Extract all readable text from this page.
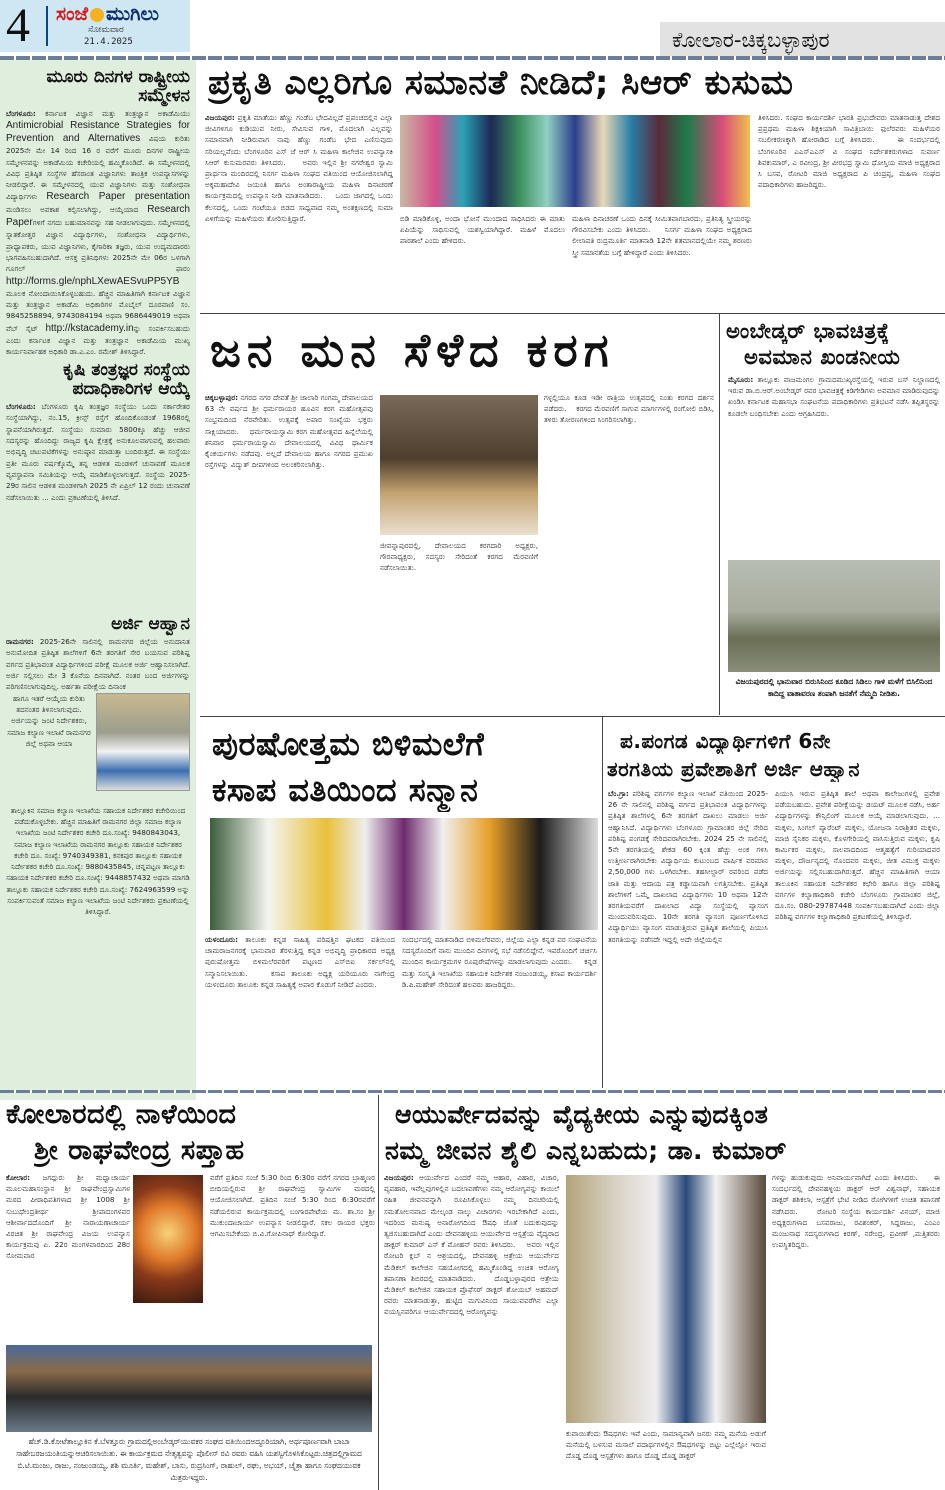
4 ಸಂಜೆ ಮುಗಿಲು
ಸೋಮವಾರ
21.4.2025	ಕೋಲಾರ-ಚಿಕ್ಕಬಳ್ಳಾಪುರ
ಮೂರು ದಿನಗಳ ರಾಷ್ಟ್ರೀಯ
ಸಮ್ಮೇಳನ
ಬೆಂಗಳೂರು: ಕರ್ನಾಟಕ ವಿಜ್ಞಾನ ಮತ್ತು ತಂತ್ರಜ್ಞಾನ ಅಕಾಡೆಮಿಯು Antimicrobial Resistance Strategies for Prevention and Alternatives ವಿಷಯ ಕುರಿತು 2025ನೇ ಮೇ 14 ರಿಂದ 16 ರ ವರೆಗೆ ಮೂರು ದಿನಗಳ ರಾಷ್ಟ್ರೀಯ ಸಮ್ಮೇಳನವನ್ನು ಅಕಾಡೆಮಿಯ ಕಚೇರಿಯಲ್ಲಿ ಹಮ್ಮಿಕೊಂಡಿದೆ. ಈ ಸಮ್ಮೇಳನದಲ್ಲಿ ವಿವಿಧ ಪ್ರತಿಷ್ಠಿತ ಸಂಸ್ಥೆಗಳ ಹೆಸರಾಂತ ವಿಜ್ಞಾನಿಗಳು ತಾಂತ್ರಿಕ ಉಪನ್ಯಾಸಗಳನ್ನು ನೀಡಲಿದ್ದಾರೆ. ಈ ಸಮ್ಮೇಳನದಲ್ಲಿ ಯುವ ವಿಜ್ಞಾನಿಗಳು ಮತ್ತು ಸಂಶೋಧನಾ ವಿದ್ಯಾರ್ಥಿಗಳು Research Paper presentation ಮಂಡಿಸಲು ಅವಕಾಶ ಕಲ್ಪಿಸಲಾಗಿದ್ದು, ಆಯ್ಕೆಯಾದ Research Paperಗಳಿಗೆ ನಗದು ಬಹುಮಾನವನ್ನು ಸಹ ನೀಡಲಾಗುವುದು. ಸಮ್ಮೇಳನದಲ್ಲಿ ಸ್ನಾತಕೋತ್ತರ ವಿಜ್ಞಾನ ವಿದ್ಯಾರ್ಥಿಗಳು, ಸಂಶೋಧನಾ ವಿದ್ಯಾರ್ಥಿಗಳು, ಪ್ರಾಧ್ಯಾಪಕರು, ಯುವ ವಿಜ್ಞಾನಿಗಳು, ಕೈಗಾರಿಕಾ ತಜ್ಞರು, ಯುವ ಉದ್ಯಮದಾರರು ಭಾಗವಹಿಸಬಹುದಾಗಿದೆ. ಆಸಕ್ತ ಪ್ರತಿನಿಧಿಗಳು 2025ನೇ ಮೇ 06ರ ಒಳಗಾಗಿ ಗೂಗಲ್ ಫಾರಂ http://forms.gle/nphLXewAESvuPP5YB ಮೂಲಕ ನೋಂದಾಯಿಸಿಕೊಳ್ಳಬಹುದು. ಹೆಚ್ಚಿನ ಮಾಹಿತಿಗಾಗಿ ಕರ್ನಾಟಕ ವಿಜ್ಞಾನ ಮತ್ತು ತಂತ್ರಜ್ಞಾನ ಅಕಾಡೆಮಿ ಅಧಿಕಾರಿಗಳ ಮೊಬೈಲ್ ದೂರವಾಣಿ ಸಂ. 9845258894, 9743084194 ಅಥವಾ 9686449019 ಅಥವಾ ವೆಬ್ ಸೈಟ್ http://kstacademy.inನ್ನು ಸಂಪರ್ಕಿಸಬಹುದು ಎಂದು ಕರ್ನಾಟಕ ವಿಜ್ಞಾನ ಮತ್ತು ತಂತ್ರಜ್ಞಾನ ಅಕಾಡೆಮಿಯ ಮುಖ್ಯ ಕಾರ್ಯನಿರ್ವಾಹಕ ಅಧಿಕಾರಿ ಡಾ.ಎ.ಎಂ. ರಮೇಶ್ ತಿಳಿಸಿದ್ದಾರೆ.
ಕೃಷಿ ತಂತ್ರಜ್ಞರ ಸಂಸ್ಥೆಯ
ಪದಾಧಿಕಾರಿಗಳ ಆಯ್ಕೆ
ಬೆಂಗಳೂರು: ಬೆಂಗಳೂರು ಕೃಷಿ ತಂತ್ರಜ್ಞರ ಸಂಸ್ಥೆಯು ಒಂದು ಸರ್ಕಾರೇತರ ಸಂಸ್ಥೆಯಾಗಿದ್ದು, ನಂ.15, ಕ್ರೀನ್ಸ್ ರಸ್ತೆಗೆ ಹೊಂದಿಕೊಂಡಂತೆ 1968ರಲ್ಲಿ ಸ್ಥಾಪನೆಯಾಗಿರುತ್ತದೆ. ಸಂಸ್ಥೆಯು ಸುಮಾರು 5800ಕ್ಕೂ ಹೆಚ್ಚು ಆಜೀವ ಸದಸ್ಯರನ್ನು ಹೊಂದಿದ್ದು ರಾಜ್ಯದ ಕೃಷಿ ಕ್ಷೇತ್ರಕ್ಕೆ ಅನುಕೂಲವಾಗುವಲ್ಲಿ ಹಲವಾರು ಅಭಿವೃದ್ಧಿ ಚಟುವಟಿಕೆಗಳನ್ನು ಅನುಷ್ಠಾನ ಮಾಡುತ್ತಾ ಬಂದಿರುತ್ತದೆ. ಈ ಸಂಸ್ಥೆಯು ಪ್ರತೀ ಮೂರು ವರ್ಷಕ್ಕೊಮ್ಮೆ ತನ್ನ ಆಡಳಿತ ಮಂಡಳಿಗೆ ಚುನಾವಣೆ ಮೂಲಕ ವ್ಯವಸ್ಥಾಪನಾ ಸಮಿತಿಯನ್ನು ಆಯ್ಕೆ ಮಾಡಿಕೊಳ್ಳಲಾಗುತ್ತದೆ. ಸಂಸ್ಥೆಯ 2025-29ರ ಸಾಲಿನ ಆಡಳಿತ ಮಂಡಳಿಗಾಗಿ 2025 ನೇ ಏಪ್ರಿಲ್ 12 ರಂದು ಚುನಾವಣೆ ನಡೆಸಲಾಯಿತು ... ಎಂದು ಪ್ರಕಟಣೆಯಲ್ಲಿ ತಿಳಿಸಿದೆ.
ಅರ್ಜಿ ಆಹ್ವಾನ
ರಾಮನಗರ: 2025-26ನೇ ಸಾಲಿನಲ್ಲಿ ರಾಮನಗರ ಜಿಲ್ಲೆಯ ಅನುದಾನಿತ ಅನುಮೋದಿತ ಪ್ರತಿಷ್ಠಿತ ಶಾಲೆಗಳಿಗೆ 6ನೇ ತರಗತಿಗೆ ಸೇರ ಬಯಸುವ ಪರಿಶಿಷ್ಟ ವರ್ಗದ ಪ್ರತಿಭಾವಂತ ವಿದ್ಯಾರ್ಥಿಗಳಿಂದ ಪರೀಕ್ಷೆ ಮೂಲಕ ಅರ್ಜಿ ಆಹ್ವಾನಿಸಲಾಗಿದೆ. ಅರ್ಜಿ ಸಲ್ಲಿಸಲು ಮೇ 3 ಕೊನೆಯ ದಿನವಾಗಿದೆ. ನಂತರ ಬಂದ ಅರ್ಜಿಗಳನ್ನು ಪರಿಗಣಿಸಲಾಗುವುದಿಲ್ಲ. ಅರ್ಹತಾ ಪರೀಕ್ಷೆಯ ದಿನಾಂಕ
ಹಾಗೂ ಇತರೆ ಆಯ್ಕೆಯ ಕುರಿತು ತದನಂತರ ತಿಳಿಸಲಾಗುವುದು. ಅರ್ಜಿಯನ್ನು ಜಂಟಿ ನಿರ್ದೇಶಕರು, ಸಮಾಜ ಕಲ್ಯಾಣ ಇಲಾಖೆ ರಾಮನಗರ ಜಿಲ್ಲೆ ಅಥವಾ ಆಯಾ
ತಾಲ್ಲೂಕಿನ ಸಮಾಜ ಕಲ್ಯಾಣ ಇಲಾಖೆಯ ಸಹಾಯಕ ನಿರ್ದೇಶಕರ ಕಚೇರಿಯಿಂದ ಪಡೆದುಕೊಳ್ಳಬೇಕು. ಹೆಚ್ಚಿನ ಮಾಹಿತಿಗೆ ರಾಮನಗರ ಜಿಲ್ಲಾ ಸಮಾಜ ಕಲ್ಯಾಣ ಇಲಾಖೆಯ ಜಂಟಿ ನಿರ್ದೇಶಕರ ಕಚೇರಿ ದೂ.ಸಂಖ್ಯೆ: 9480843043, ಸಮಾಜ ಕಲ್ಯಾಣ ಇಲಾಖೆಯ ರಾಮನಗರ ತಾಲ್ಲೂಕು ಸಹಾಯಕ ನಿರ್ದೇಶಕರ ಕಚೇರಿ ದೂ. ಸಂಖ್ಯೆ: 9740349381, ಕನಕಪುರ ತಾಲ್ಲೂಕು ಸಹಾಯಕ ನಿರ್ದೇಶಕರ ಕಚೇರಿ ದೂ.ಸಂಖ್ಯೆ: 9880435845, ಚನ್ನಪಟ್ಟಣ ತಾಲ್ಲೂಕು ಸಹಾಯಕ ನಿರ್ದೇಶಕರ ಕಚೇರಿ ದೂ.ಸಂಖ್ಯೆ: 9448857432 ಅಥವಾ ಮಾಗಡಿ ತಾಲ್ಲೂಕು ಸಹಾಯಕ ನಿರ್ದೇಶಕರ ಕಚೇರಿ ದೂ.ಸಂಖ್ಯೆ: 7624963599 ಅನ್ನು ಸಂಪರ್ಕಿಸುವಂತೆ ಸಮಾಜ ಕಲ್ಯಾಣ ಇಲಾಖೆಯ ಜಂಟಿ ನಿರ್ದೇಶಕರು ಪ್ರಕಟಣೆಯಲ್ಲಿ ತಿಳಿಸಿದ್ದಾರೆ.
ಪ್ರಕೃತಿ ಎಲ್ಲರಿಗೂ ಸಮಾನತೆ ನೀಡಿದೆ; ಸಿಆರ್ ಕುಸುಮ
ವಿಜಯಪುರ: ಪ್ರಕೃತಿ ಮಾತೆಯು ಹೆಣ್ಣು ಗಂಡೆಬ ಭೇದವಿಲ್ಲದೆ ಪ್ರಪಂಚದಲ್ಲಿನ ಎಲ್ಲಾ ಜೀವಿಗಳಿಗೂ ಕುಡಿಯುವ ನೀರು, ಸೇವಿಸುವ ಗಾಳಿ, ಮೊದಲಾಗಿ ಎಲ್ಲವನ್ನು ಸಮಾನವಾಗಿ ನೀಡಿರುವಾಗ ನಾವು ಹೆಣ್ಣು ಗಂಡೆಬ ಭೇದ ಎಣಿಸುವುದು ಸರಿಯಲ್ಲವೆಂದು ಬೆಂಗಳೂರಿನ ಎಸ್ ಜೆ ಆರ್ ಸಿ ಮಹಿಳಾ ಕಾಲೇಜಿನ ಉಪನ್ಯಾಸಕಿ ಸಿಆರ್ ಕುಸುಮರವರು ತಿಳಿಸಿದರು.    ಅವರು ಇಲ್ಲಿನ ಶ್ರೀ ನಗರೇಶ್ವರ ಸ್ವಾಮಿ ಪ್ರಾರ್ಥನಾ ಮಂದಿರದಲ್ಲಿ ನಿಸರ್ಗ ಮಹಿಳಾ ಸಂಘದ ವತಿಯಿಂದ ಆಯೋಜಿಸಲಾಗಿದ್ದ ಅಕ್ಕಮಹಾದೇವಿ ಜಯಂತಿ ಹಾಗೂ ಅಂತಾರಾಷ್ಟ್ರೀಯ ಮಹಿಳಾ ದಿನಾಚರಣೆ ಕಾರ್ಯಕ್ರಮದಲ್ಲಿ ಉಪನ್ಯಾಸ ನೀಡಿ ಮಾತನಾಡಿದರು.    ಒಂದು ಜಾಗದಲ್ಲಿ ಒಂದು ಕೆಲಸದಲ್ಲಿ, ಒಂದು ಗಂಟೆಯೂ ಬಿಡದ ಸಾಧ್ಯವಾದ ನಮ್ಮ ಅಂತಕ್ಷಣದಲ್ಲಿ ಸುಮಾ ಏಳಿಗೆಯನ್ನು ಮಹಿಳೆಯರು ತೋರಿಸುತ್ತಿದ್ದಾರೆ.	ಬಿಡಿ ಮಾಡಿಕೊಳ್ಳಿ, ಅಂದಾ ಭೋಸೆ ಮುಂದಾದ ಸಾಧಿಸಿದರು ಈ ಮಾತು ಏಪಿಯೆನ್ನು ಸಾಧಿಸುವಲ್ಲಿ ಯಶಸ್ವಿಯಾಗಿದ್ದಾರೆ. ಮಹಿಳೆ ಮೊದಲು ಪಾಠಶಾಲೆ ಎಂದು ಹೇಳಿದರು.
ಮಹಿಳಾ ದಿನಾಚರಣೆ ಒಂದು ದಿನಕ್ಕೆ ಸೀಮಿತವಾಗಬಾರದು, ಪ್ರತಿನಿತ್ಯ ಸ್ತ್ರೀಯರನ್ನು ಗೌರವಿಸಬೇಕು ಎಂದು ತಿಳಿಸಿದರು.    ನಿಸರ್ಗ ಮಹಿಳಾ ಸಂಘದ ಅಧ್ಯಕ್ಷರಾದ ಲೀಲಾವತಿ ರುದ್ರಮೂರ್ತಿ ಮಾತನಾಡಿ 12ನೇ ಶತಮಾನದಲ್ಲಿಯೇ ನಮ್ಮ ಶರಣರು ಸ್ತ್ರೀ ಸಮಾನತೆಯ ಬಗ್ಗೆ ಹೇಳಿದ್ದಾರೆ ಎಂದು ತಿಳಿಸಿದರು.
ತಿಳಿಸಿದರು. ಸಂಘದ ಕಾರ್ಯದರ್ಶಿ ಭಾರತಿ ಪ್ರಭುದೇವರು ಮಾತನಾಡುತ್ತ ದೇಶದ ಪ್ರಪ್ರಥಮ ಮಹಿಳಾ ಶಿಕ್ಷಕಿಯಾಗಿ ಸಾವಿತ್ರಿಬಾಯಿ ಫುಲೆರವರು ಮಹಿಳೆಯರ ಸಬಲೀಕರಣಕ್ಕಾಗಿ ಹೋರಾಡಿದ ಬಗ್ಗೆ ತಿಳಿಸಿದರು.    ಈ ಸಂದರ್ಭದಲ್ಲಿ ಬೆಂಗಳೂರಿನ ಎಎಸ್‌ಎಎಸ್ ವಿ ಸಂಘದ ನಿರ್ದೇಶಕರುಗಳಾದ ಸುವರ್ಣ ಶಿವಕುಮಾರ್, ಎ ರವೀಂದ್ರ, ಶ್ರೀ ವೀರಭದ್ರ ಸ್ವಾಮಿ ಧೋಸ್ತಿಯ ಮಾಜಿ ಅಧ್ಯಕ್ಷರಾದ ಸಿ ಬಸವ, ರೋಟರಿ ಮಾಜಿ ಅಧ್ಯಕ್ಷರಾದ ಪಿ ಚಂದ್ರಪ್ಪ, ಮಹಿಳಾ ಸಂಘದ ಪದಾಧಿಕಾರಿಗಳು ಹಾಜರಿದ್ದರು.
ಜನ ಮನ ಸೆಳೆದ ಕರಗ
ಚಿಕ್ಕಬಳ್ಳಾಪುರ: ನಗರದ ನಗರ ದೇವತೆ ಶ್ರೀ ಜಾಲಾರಿ ಗಂಗಮ್ಮ ದೇವಾಲಯದ 63 ನೇ ವರ್ಷದ ಶ್ರೀ ಧರ್ಮರಾಯರ ಹೂವಿನ ಕರಗ ಮಹೋತ್ಸವವು ಸಂಭ್ರಮದಿಂದ ನೆರವೇರಿತು. ಉತ್ಸವಕ್ಕೆ ಅಪಾರ ಸಂಖ್ಯೆಯ ಭಕ್ತರು ಸಾಕ್ಷಿಯಾದರು.    ಧರ್ಮರಾಯಸ್ವಾಮಿ ಕರಗ ಮಹೋತ್ಸವದ ಹಿನ್ನೆಲೆಯಲ್ಲಿ ಶನಿವಾರ ಧರ್ಮರಾಯಸ್ವಾಮಿ ದೇವಾಲಯದಲ್ಲಿ ವಿವಿಧ ಧಾರ್ಮಿಕ ಕೈಂಕರ್ಯಗಳು ನಡೆದವು. ಅಲ್ಲದೆ ದೇವಾಲಯ ಹಾಗೂ ನಗರದ ಪ್ರಮುಖ ರಸ್ತೆಗಳನ್ನು ವಿದ್ಯುತ್ ದೀಪಗಳಿಂದ ಅಲಂಕರಿಸಲಾಗಿತ್ತು.
ಜೀವನ್ನಾಪುರದಲ್ಲಿ, ದೇವಾಲಯದ ಕರಗದಾರಿ ಅಧ್ಯಕ್ಷರು, ಗೌರವಾಧ್ಯಕ್ಷರು, ಸದಸ್ಯರು ಸೇರಿದಂತೆ ಕರಗದ ಮೆರವಣಿಗೆ ನಡೆಸಲಾಯಿತು.
ಗಳ್ಳಲ್ಲಿಯೂ ಕೂಡ ಇಡೀ ರಾತ್ರಿಯ ಉತ್ಸವದಲ್ಲಿ ನಿಂತು ಕರಗದ ದರ್ಶನ ಪಡೆದರು.    ಕರಗದ ಮೆರವಣಿಗೆ ಸಾಗುವ ಮಾರ್ಗಗಳಲ್ಲಿ ರಂಗೋಲಿ ಬಿಡಿಸಿ, ತಳಿರು ತೋರಣಗಳಿಂದ ಸಿಂಗರಿಸಲಾಗಿತ್ತು.
ಅಂಬೇಡ್ಕರ್ ಭಾವಚಿತ್ರಕ್ಕೆ
ಅವಮಾನ ಖಂಡನೀಯ
ಮೈಸೂರು: ತಾಲ್ಲೂಕು ವಾಜಮಂಗಲ ಗ್ರಾಮದಮುಖ್ಯರಸ್ತೆಯಲ್ಲಿ ಇರುವ ಬಸ್ ನಿಲ್ದಾಣದಲ್ಲಿ ಇರುವ ಡಾ.ಬಿ.ಆರ್.ಅಂಬೇಡ್ಕರ್ ರವರ ಭಾವಚಿತ್ರಕ್ಕೆ ಕಿಡಿಗೇಡಿಗಳು ಅವಮಾನ ಮಾಡಿರುವುದನ್ನು ಖಂಡಿಸಿ ಕರ್ನಾಟಕ ಮಹಾಸಭಾ ಸಂಘಟನೆಯ ಪದಾಧಿಕಾರಿಗಳು ಪ್ರತಿಭಟನೆ ನಡೆಸಿ ತಪ್ಪಿತಸ್ಥರನ್ನು ಕೂಡಲೇ ಬಂಧಿಸಬೇಕು ಎಂದು ಆಗ್ರಹಿಸಿದರು.
ವಿಜಯಪುರದಲ್ಲಿ ಭಾನುವಾರ ಬಿರುಸಿನಿಂದ ಕೂಡಿದ ಸಿಡಿಲು ಗಾಳಿ ಮಳೆಗೆ ಬಿಸಿಲಿನಿಂದ ಕಾದಿದ್ದ ವಾತಾವರಣ ತಂಪಾಗಿ ಜನತೆಗೆ ನೆಮ್ಮದಿ ನೀಡಿತು.
ಪುರಷೋತ್ತಮ ಬಿಳಿಮಲೆಗೆ
ಕಸಾಪ ವತಿಯಿಂದ ಸನ್ಮಾನ
ಯಳಂದೂರು: ತಾಲೂಕು ಕನ್ನಡ ಸಾಹಿತ್ಯ ಪರಿಷತ್ತಿನ ಘಟಕದ ವತಿಯಿಂದ ಚಾಮರಾಜನಗರಕ್ಕೆ ಭಾನುವಾರ ತೆರಳುತ್ತಿದ್ದ ಕನ್ನಡ ಅಭಿವೃದ್ಧಿ ಪ್ರಾಧಿಕಾರದ ಅಧ್ಯಕ್ಷ ಪುರುಷೋತ್ತಮ ಬಿಳಿಮಲೆರವರಿಗೆ ಪಟ್ಟಣದ ಎಸ್‌ಬಿಐ ಸರ್ಕಲ್‌ನಲ್ಲಿ ಸನ್ಮಾನಿಸಲಾಯಿತು.    ಕಸಾಪ ತಾಲೂಕು ಅಧ್ಯಕ್ಷ ಯರಿಯೂರು ನಾಗೇಂದ್ರ ಯಳಂದೂರು ತಾಲೂಕು ಕನ್ನಡ ಸಾಹಿತ್ಯಕ್ಕೆ ಅಪಾರ ಕೊಡುಗೆ ನೀಡಿದೆ ಎಂದರು.
ಸಂದರ್ಭದಲ್ಲಿ ಮಾತನಾಡಿದ ಬಿಳಿಮಲೆರವರು, ಜಿಲ್ಲೆಯ ಎಲ್ಲಾ ಕನ್ನಡ ಪರ ಸಂಘಟನೆಯ ಸದಸ್ಯರೊಂದಿಗೆ ನಾನು ಮುಂದಿನ ದಿನಗಳಲ್ಲಿ ಸಭೆ ನಡೆಸಲಿದ್ದೇನೆ. ಇವರೊಂದಿಗೆ ಚರ್ಚಿಸಿ ಮುಂದಿನ ಕಾರ್ಯಕ್ರಮಗಳ ರೂಪುರೇಷೆಗಳನ್ನು ಮಾಡಲಾಗುವುದು ಎಂದರು.    ಕನ್ನಡ ಮತ್ತು ಸಂಸ್ಕೃತಿ ಇಲಾಖೆಯ ಸಹಾಯಕ ನಿರ್ದೇಶಕ ನಂಜುಂಡಯ್ಯ, ಕಸಾಪ ಕಾರ್ಯದರ್ಶಿ ಡಿ.ಪಿ.ಮಹೇಶ್ ಸೇರಿದಂತೆ ಹಲವರು ಹಾಜರಿದ್ದರು.
ಪ.ಪಂಗಡ ವಿದ್ಯಾರ್ಥಿಗಳಿಗೆ 6ನೇ
ತರಗತಿಯ ಪ್ರವೇಶಾತಿಗೆ ಅರ್ಜಿ ಆಹ್ವಾನ
ಬೆಂ.ಗ್ರಾ: ಪರಿಶಿಷ್ಟ ವರ್ಗಗಳ ಕಲ್ಯಾಣ ಇಲಾಖೆ ವತಿಯಿಂದ 2025-26 ನೇ ಸಾಲಿನಲ್ಲಿ ಪರಿಶಿಷ್ಟ ವರ್ಗದ ಪ್ರತಿಭಾವಂತ ವಿದ್ಯಾರ್ಥಿಗಳನ್ನು ಪ್ರತಿಷ್ಠಿತ ಶಾಲೆಗಳಲ್ಲಿ 6ನೇ ತರಗತಿಗೆ ದಾಖಲು ಮಾಡಲು ಅರ್ಜಿ ಆಹ್ವಾನಿಸಿದೆ. ವಿದ್ಯಾರ್ಥಿಗಳು ಬೆಂಗಳೂರು ಗ್ರಾಮಾಂತರ ಜಿಲ್ಲೆ ಸೇರಿದ ಪರಿಶಿಷ್ಟ ಪಂಗಡಕ್ಕೆ ಸೇರಿದವರಾಗಿರಬೇಕು. 2024 25 ನೇ ಸಾಲಿನಲ್ಲಿ 5ನೇ ತರಗತಿಯಲ್ಲಿ ಶೇಕಡ 60 ಕ್ಕಿಂತ ಹೆಚ್ಚು ಅಂಕ ಗಳಿಸಿ ಉತ್ತೀರ್ಣರಾಗಿರಬೇಕು ವಿದ್ಯಾರ್ಥಿಯ ಕುಟುಂಬದ ವಾರ್ಷಿಕ ವರಮಾನ 2,50,000 ಗಳು ಒಳಗಿರಬೇಕು. ತಹಸೀಲ್ದಾರ್ ರವರಿಂದ ಪಡೆದ ಜಾತಿ ಮತ್ತು ಆದಾಯ ಪತ್ರ ಕಡ್ಡಾಯವಾಗಿ ಲಗತ್ತಿಸಬೇಕು. ಪ್ರತಿಷ್ಠಿತ ಶಾಲೆಗಳಿಗೆ ಒಮ್ಮೆ ದಾಖಲಾದ ವಿದ್ಯಾರ್ಥಿಗಳು 10 ಅಥವಾ 12ನೇ ತರಗತಿಯವರೆಗೆ ದಾಖಲಾದ ವಿದ್ಯಾ ಸಂಸ್ಥೆಯಲ್ಲಿ ವ್ಯಾಸಂಗ ಮುಂದುವರಿಸುವುದು. 10ನೇ ತರಗತಿ ವ್ಯಾಸಂಗ ಪೂರ್ಣಗೊಳಿಸಿದ ವಿದ್ಯಾರ್ಥಿಯು ವ್ಯಾಸಂಗ ಮಾಡುತ್ತಿರುವ ಪ್ರತಿಷ್ಠಿತ ಶಾಲೆಯಲ್ಲಿ ಪಿಯುಸಿ ತರಗತಿಯನ್ನು ನಡೆಸದೇ ಇದ್ದಲ್ಲಿ ಅದೇ ಜಿಲ್ಲೆಯಲ್ಲಿನ
ಪಿಯುಸಿ ಇರುವ ಪ್ರತಿಷ್ಠಿತ ಶಾಲೆ ಅಥವಾ ಕಾಲೇಜುಗಳಲ್ಲಿ ಪ್ರವೇಶ ಪಡೆಯಬಹುದು. ಪ್ರವೇಶ ಪರೀಕ್ಷೆಯನ್ನು ಡಯಟ್ ಮೂಲಕ ನಡೆಸಿ, ಅರ್ಹ ವಿದ್ಯಾರ್ಥಿಗಳನ್ನು ಕೌನ್ಸಿಲಿಂಗ್ ಮೂಲಕ ಆಯ್ಕೆ ಮಾಡಲಾಗುವುದು. ... ಮಕ್ಕಳು, ಸಿಂಗಲ್ ಪ್ಯಾರೆಂಟ್ ಮಕ್ಕಳು, ಯೋಜನಾ ನಿರಾಶ್ರಿತರ ಮಕ್ಕಳು, ಮಾಜಿ ಸೈನಿಕರ ಮಕ್ಕಳು, ಕೊಳಗೇರಿಯಲ್ಲಿ ವಾಸಿಸುತ್ತಿರುವ ಮಕ್ಕಳು, ಕೃಷಿ ಕಾರ್ಮಿಕರ ಮಕ್ಕಳು, ಸಾಲವಾದದಿಂದ ಆತ್ಮಹತ್ಯೆಗೆ ಗುರಿಯಾದವರ ಮಕ್ಕಳು, ದೌರ್ಜನ್ಯದಲ್ಲಿ ನೊಂದವರ ಮಕ್ಕಳು, ಜೀತ ವಿಮುಕ್ತ ಮಕ್ಕಳು ಅರ್ಜಿಯನ್ನು ಸಲ್ಲಿಸಬಹುದಾಗಿರುತ್ತದೆ. ಹೆಚ್ಚಿನ ಮಾಹಿತಿಗಾಗಿ ಆಯಾ ತಾಲೂಕಿನ ಸಹಾಯಕ ನಿರ್ದೇಶಕರ ಕಛೇರಿ ಹಾಗೂ ಜಿಲ್ಲಾ ಪರಿಶಿಷ್ಟ ವರ್ಗಗಳ ಕಲ್ಯಾಣಾಧಿಕಾರಿ ಕಚೇರಿ ಬೆಂಗಳೂರು ಗ್ರಾಮಾಂತರ ಜಿಲ್ಲೆ, ದೂ.ಸಂ. 080-29787448 ಸಂಪರ್ಕಿಸಬಹುದಾಗಿದೆ ಎಂದು ಜಿಲ್ಲಾ ಪರಿಶಿಷ್ಟ ವರ್ಗಗಳ ಕಲ್ಯಾಣಾಧಿಕಾರಿ ಪ್ರಕಟಣೆಯಲ್ಲಿ ತಿಳಿಸಿದ್ದಾರೆ.
ಕೋಲಾರದಲ್ಲಿ ನಾಳೆಯಿಂದ
ಶ್ರೀ ರಾಘವೇಂದ್ರ ಸಪ್ತಾಹ
ಕೋಲಾರ: ಜಗದ್ಗುರು ಶ್ರೀ ಮಧ್ವಾಚಾರ್ಯ ಮೂಲಮಹಾಸಂಸ್ಥಾನ ಶ್ರೀ ರಾಘವೇಂದ್ರಸ್ವಾಮಿಗಳ ಮಠದ ಪೀಠಾಧಿಪತಿಗಳಾದ ಶ್ರೀ 1008 ಶ್ರೀ ಸುಬುಧೇಂದ್ರತೀರ್ಥ ಶ್ರೀಪಾದಂಗಳವರ ಆಶೀರ್ವಾದದೊಂದಿಗೆ ಶ್ರೀ ನಾರಾಯಣಾಚಾರ್ಯ ವಿರಚಿತ ಶ್ರೀ ರಾಘವೇಂದ್ರ ವಿಜಯ ಉಪನ್ಯಾಸ ಕಾರ್ಯಕ್ರಮವು ಏ. 22ರ ಮಂಗಳವಾರದಿಂದ 28ರ ಸೋಮವಾರ
ವರೆಗೆ ಪ್ರತಿದಿನ ಸಂಜೆ 5:30 ರಿಂದ 6:30ರ ವರೆಗೆ ನಗರದ ಬ್ರಾಹ್ಮಣರ ಬೀದಿಯಲ್ಲಿರುವ ಶ್ರೀ ರಾಘವೇಂದ್ರ ಸ್ವಾಮಿಗಳ ಮಠದಲ್ಲಿ ಆಯೋಜಿಸಲಾಗಿದೆ. ಪ್ರತಿದಿನ ಸಂಜೆ 5:30 ರಿಂದ 6:30ರವರೆಗೆ ನಡೆಯಲಿರುವ ಕಾರ್ಯಕ್ರಮದಲ್ಲಿ ಬಂಗಾರಪೇಟೆಯ ಮ. ಶಾ.ಸಂ ಶ್ರೀ ಮುಕುಂದಾಚಾರ್ಯ ಉಪನ್ಯಾಸ ನೀಡಲಿದ್ದಾರೆ. ಸಕಲ ರಾಯರ ಭಕ್ತರು ಆಗಮಿಸಬೇಕೆಂದು ಬಿ.ವಿ.ಗೋಪಿನಾಥ್ ಕೋರಿದ್ದಾರೆ.
ಹೆಚ್.ಡಿ.ಕೋಟೆತಾಲ್ಲೂಕಿನ ಕೆ.ಬೆಳತ್ತೂರು ಗ್ರಾಮದಲ್ಲಿಅಂಬೇಡ್ಕರ್‌ಯುವಕರ ಸಂಘದ ವತಿಯಿಂದಅದ್ಧೂರಿಯಾಗಿ, ಅರ್ಥಪೂರ್ಣವಾಗಿ ಬಾಬಾ ಸಾಹೇಬರಜಯಂತಿಯನ್ನುಆಚರಿಸಲಾಯಿತು. ಈ ಕಾರ್ಯಕ್ರಮದ ನೇತೃತ್ವವನ್ನು ಪೊಲೀಸ್ ರವಿ ರವರು ವಹಿಸಿ ಯಶಸ್ವಿಗೊಳಿಸಿಕೊಟ್ಟರು.ಚಿತ್ರದಲ್ಲಿಗ್ರಾಮದ ಬಿ.ಟಿ.ಮಂಜು, ರಾಜು, ನಂಜುಂಡಯ್ಯ, ಶಶಿ ಮೂರ್ತಿ, ಮಹೇಶ್, ಬಾಸು, ರುದ್ರಸಿಂಗ್, ರಾಹುಲ್, ರಘು, ಅಭಯ್, ಚೈತ್ರಾ ಹಾಗೂ ಸಂಘದಯುವಕ ಮಿತ್ರರುಇದ್ದರು.
ಆಯುರ್ವೇದವನ್ನು ವೈದ್ಯಕೀಯ ಎನ್ನುವುದಕ್ಕಿಂತ
ನಮ್ಮ ಜೀವನ ಶೈಲಿ ಎನ್ನಬಹುದು; ಡಾ. ಕುಮಾರ್
ವಿಜಯಪುರ: ಆಯುರ್ವೇದ ಎಂದರೆ ನಮ್ಮ ಆಹಾರ, ವಿಹಾರ, ವಿಚಾರ, ವ್ಯವಹಾರ, ಇವೆಲ್ಲವುಗಳಲ್ಲಿನ ಬದಲಾವಣೆಗಳು ನಮ್ಮ ಆರೋಗ್ಯವನ್ನು ಕಾಯಿಲೆ ರಹಿತ ಜೀವನವನ್ನಾಗಿ ರೂಪಿಸಿಕೊಳ್ಳಲು ನಮ್ಮ ದಿನಚರಿಯಲ್ಲಿ ಸಮತೋಲನವಾದ ಮೇಲ್ಕಂಡ ನಾಲ್ಕು ವಿಚಾರಗಳು ಇರಬೇಕಾಗಿದೆ ಎಂದು, ಇದರಿಂದ ಮನುಷ್ಯ ಅನಾರೋಗದಿಂದ ಔಷಧಿ ಜೊತೆ ಬದುಕುವುದನ್ನು ತ್ಯಜಿಸಬಹುದಾಗಿದೆ ಎಂದು ದೇವನಹಳ್ಳಿಯ ಆಯುರ್ವೇದ ಆಸ್ಪತ್ರೆಯ ವೈದ್ಯರಾದ ಡಾಕ್ಟರ್ ಕುಮಾರ್ ಎಸ್ ಕೆ ಮೋಹನ್ ರವರು ತಿಳಿಸಿದರು.    ಅವರು ಇಲ್ಲಿನ ರೋಟರಿ ಕ್ಲಬ್ ನ ಆಶ್ರಯದಲ್ಲಿ, ದೇವನಹಳ್ಳಿ ಆತ್ರೇಯ ಆಯುರ್ವೇದ ಮೆಡಿಕಲ್ ಕಾಲೇಜಿನ ಸಹಯೋಗದಲ್ಲಿ ಹಮ್ಮಿಕೊಂಡಿದ್ದ ಉಚಿತ ಆರೋಗ್ಯ ತಪಾಸಣಾ ಶಿಬಿರದಲ್ಲಿ ಮಾತನಾಡಿದರು.    ದೊಡ್ಡಬಳ್ಳಾಪುರದ ಆತ್ರೇಯ ಮೆಡಿಕಲ್ ಕಾಲೇಜಿನ ಸಹಾಯಕ ಪ್ರೊಫೆಸರ್ ಡಾಕ್ಟರ್ ಶೋಯಬ್ ಅಹಮದ್ ರವರು ಮಾತನಾಡುತ್ತಾ, ಹುಟ್ಟಿದ ಮಗುವಿನಿಂದ ಸಾಯುವವರೆಗಿನ ಎಲ್ಲಾ ವಯಸ್ಸಿನವರಿಗೂ ಆಯುರ್ವೇದದಲ್ಲಿ ಆರೋಗ್ಯವನ್ನು
ಕುವಾಯಿತೆಂದು ಔಷಧಗಳು ಇವೆ ಎಂದು, ಸಾಮಾನ್ಯವಾಗಿ ಜನರು ನಮ್ಮ ಮನೆಯ ಅಡುಗೆ ಮನೆಯಲ್ಲಿ ಬಳಸುವ ಮಸಾಲೆ ಪದಾರ್ಥಗಳಲ್ಲಿನ ಔಷಧಗಳನ್ನು ಬಿಟ್ಟು ಎಲ್ಲೆಲ್ಲೋ ಇರುವ ದೊಡ್ಡ ದೊಡ್ಡ ಆಸ್ಪತ್ರೆಗಳು ಹಾಗೂ ದೊಡ್ಡ ದೊಡ್ಡ ಡಾಕ್ಟರ್
ಗಳನ್ನು ಹುಡುಕುವುದು ಅನಿವಾರ್ಯವಾಗಿದೆ ಎಂದು ತಿಳಿಸಿದರು.    ಈ ಸಂದರ್ಭದಲ್ಲಿ ದೇವನಹಳ್ಳಿಯ ಡಾಕ್ಟರ್ ಆರ್ ವಿಶ್ವನಾಥ್, ಸಹಾಯಕ ಡಾಕ್ಟರ್ ಶಶಿಕಲಾ, ಆಸ್ಪತ್ರೆಗೆ ಭೇಟಿ ನೀಡಿದ ರೋಗಿಗಳಿಗೆ ಉಚಿತ ತಪಾಸಣೆ ನಡೆಸಿದರು.    ರೋಟರಿ ಸಂಸ್ಥೆಯ ಕಾರ್ಯದರ್ಶಿ ವಿನಯ್, ಮಾಜಿ ಅಧ್ಯಕ್ಷರುಗಳಾದ ಬಸವರಾಜು, ರವಿಶಂಕರ್, ಸಿದ್ದರಾಜು, ಎಂಎಂ ಮಂಜುನಾಥ ಸದಸ್ಯರುಗಳಾದ ಕಿರಣ್, ನರೇಂದ್ರ, ಪ್ರವೀಣ್ ,ಮತ್ತಿತರರು ಉಪಸ್ಥಿತರಿದ್ದರು.
